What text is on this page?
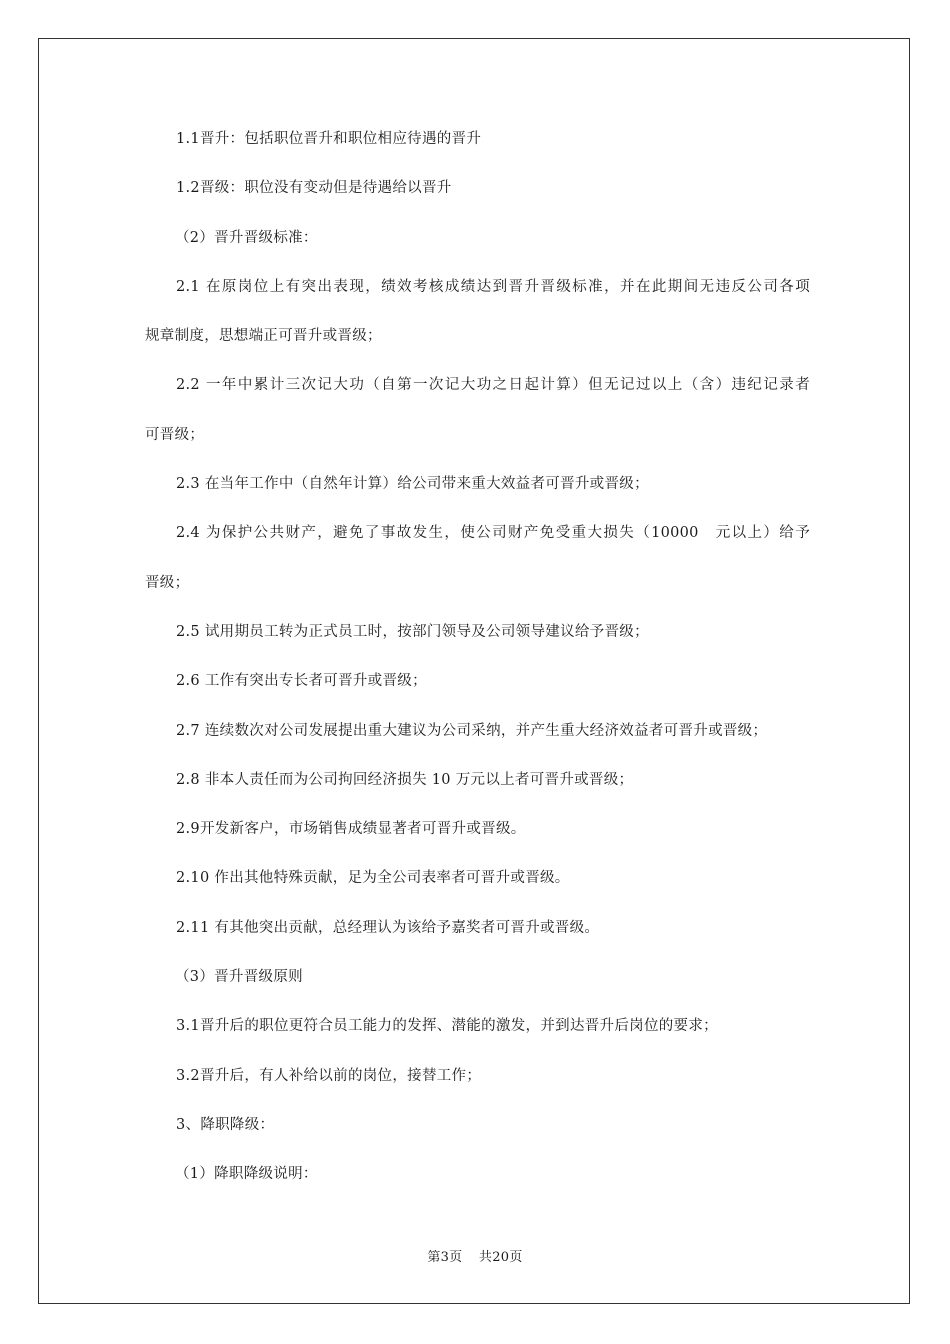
1.1晋升：包括职位晋升和职位相应待遇的晋升
1.2晋级：职位没有变动但是待遇给以晋升
（2）晋升晋级标准：
2.1 在原岗位上有突出表现，绩效考核成绩达到晋升晋级标准，并在此期间无违反公司各项
规章制度，思想端正可晋升或晋级；
2.2 一年中累计三次记大功（自第一次记大功之日起计算）但无记过以上（含）违纪记录者
可晋级；
2.3 在当年工作中（自然年计算）给公司带来重大效益者可晋升或晋级；
2.4 为保护公共财产，避免了事故发生，使公司财产免受重大损失（10000　元以上）给予
晋级；
2.5 试用期员工转为正式员工时，按部门领导及公司领导建议给予晋级；
2.6 工作有突出专长者可晋升或晋级；
2.7 连续数次对公司发展提出重大建议为公司采纳，并产生重大经济效益者可晋升或晋级；
2.8 非本人责任而为公司拘回经济损失 10 万元以上者可晋升或晋级；
2.9开发新客户，市场销售成绩显著者可晋升或晋级。
2.10 作出其他特殊贡献，足为全公司表率者可晋升或晋级。
2.11 有其他突出贡献，总经理认为该给予嘉奖者可晋升或晋级。
（3）晋升晋级原则
3.1晋升后的职位更符合员工能力的发挥、潜能的激发，并到达晋升后岗位的要求；
3.2晋升后，有人补给以前的岗位，接替工作；
3、降职降级：
（1）降职降级说明：
第3页 共20页
